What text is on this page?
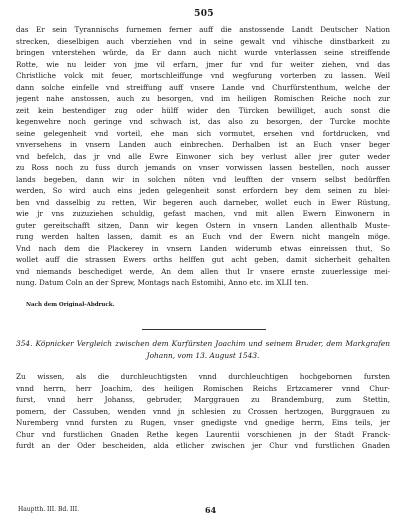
505
das Er sein Tyrannischs furnemen ferner auff die anstossende Landt Deutscher Nation
strecken, dieselbigen auch vberziehen vnd in seine gewalt vnd vihische dinstbarkeit zu
bringen vnterstehen würde, da Er dann auch nicht wurde vnterlassen seine streiffende
Rotte, wie nu leider von jme vil erfarn, jmer fur vnd fur weiter ziehen, vnd das
Christliche volck mit feuer, mortschleiffunge vnd wegfurung vorterben zu lassen. Weil
dann solche einfelle vnd streiffung auff vnsere Lande vnd Churfürstenthum, welche der
jegent nahe anstossen, auch zu besorgen, vnd im heiligen Romischen Reiche noch zur
zeit kein bestendiger zug oder hülff wider den Türcken bewilliget, auch sonst die
kegenwehre noch geringe vnd schwach ist, das also zu besorgen, der Turcke mochte
seine gelegenheit vnd vorteil, ehe man sich vormutet, ersehen vnd fortdrucken, vnd
vnversehens in vnsern Landen auch einbrechen. Derhalben ist an Euch vnser beger
vnd befelch, das jr vnd alle Ewre Einwoner sich bey verlust aller jrer guter weder
zu Ross noch zu fuss durch jemands on vnser vorwissen lassen bestellen, noch ausser
lands begeben, dann wir in solchen nöten vnd leufften der vnsern selbst bedürffen
werden, So wird auch eins jeden gelegenheit sonst erfordern bey dem seinen zu blei-
ben vnd dasselbig zu retten, Wir begeren auch darneber, wollet euch in Ewer Rüstung,
wie jr vns zuzuziehen schuldig, gefast machen, vnd mit allen Ewern Einwonern in
guter gereitschafft sitzen, Dann wir kegen Ostern in vnsern Landen allenthalb Muste-
rung werden halten lassen, damit es an Euch vnd der Ewern nicht mangeln möge.
Vnd nach dem die Plackerey in vnsern Landen widerumb etwas einreissen thut, So
wollet auff die strassen Ewers orths helffen gut acht geben, damit sicherheit gehalten
vnd niemands beschediget werde, An dem allen thut Ir vnsere ernste zuuerlessige mei-
nung. Datum Coln an der Sprew, Montags nach Estomihi, Anno etc. im XLII ten.
Nach dem Original-Abdruck.
354. Köpnicker Vergleich zwischen dem Kurfürsten Joachim und seinem Bruder, dem Markgrafen
Johann, vom 13. August 1543.
Zu wissen, als die durchleuchtigsten vnnd durchleuchtigen hochgebornen fursten
vnnd herrn, herr Joachim, des heiligen Romischen Reichs Ertzcamerer vnnd Chur-
furst, vnnd herr Johanss, gebruder, Marggrauen zu Brandemburg, zum Stettin,
pomern, der Cassuben, wenden vnnd jn schlesien zu Crossen hertzogen, Burggrauen zu
Nuremberg vnnd fursten zu Rugen, vnser gnedigste vnd gnedige herrn, Eins teils, jer
Chur vnd furstlichen Gnaden Rethe kegen Laurentii vorschienen jn der Stadt Franck-
furdt an der Oder bescheiden, alda etlicher zwischen jer Chur vnd furstlichen Gnaden
Hauptth. III. Bd. III.	64
